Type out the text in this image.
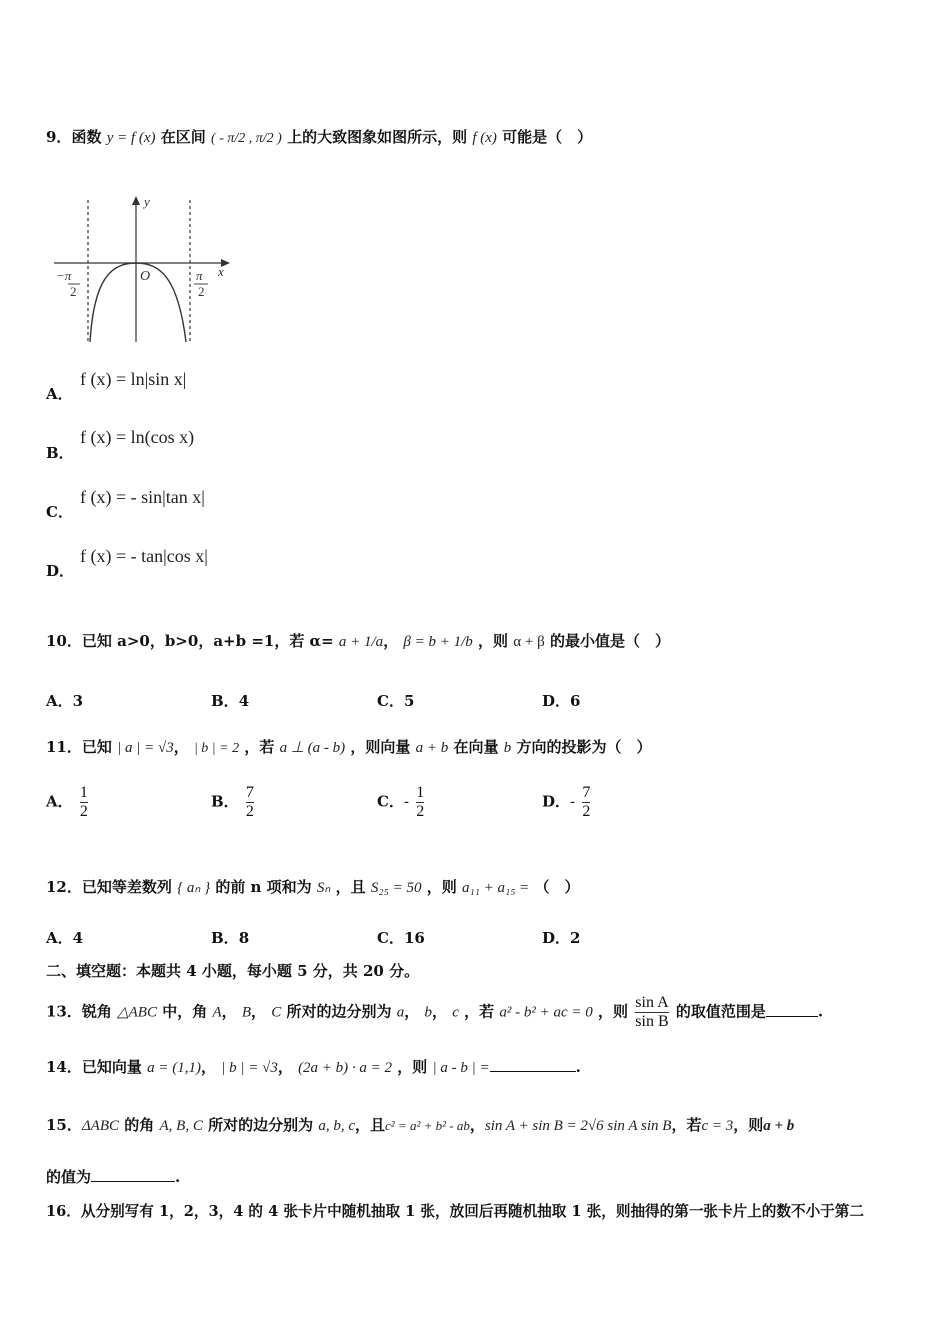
9．函数 y = f (x) 在区间 ( - π/2 , π/2 ) 上的大致图象如图所示，则 f (x) 可能是（　）
y
x
O
−π
2
π
2
A．
f (x) = ln|sin x|
B．
f (x) = ln(cos x)
C．
f (x) = - sin|tan x|
D．
f (x) = - tan|cos x|
10．已知 a>0，b>0，a+b =1，若 α= a + 1/a， β = b + 1/b ，则 α + β 的最小值是（　）
A．3	B．4	C．5	D．6
11．已知 | a | = √3， | b | = 2 ，若 a ⊥ (a - b) ，则向量 a + b 在向量 b 方向的投影为（　）
A． $\frac{1}{2}$	B． $\frac{7}{2}$	C．- $\frac{1}{2}$	D．- $\frac{7}{2}$
12．已知等差数列 { aₙ } 的前 n 项和为 Sₙ ，且 S₂₅ = 50 ，则 a₁₁ + a₁₅ = （　）
A．4	B．8	C．16	D．2
二、填空题：本题共 4 小题，每小题 5 分，共 20 分。
13．锐角 △ABC 中，角 A， B， C 所对的边分别为 a， b， c ，若 a² - b² + ac = 0 ，则 $\frac{\text{sin A}}{\text{sin B}}$ 的取值范围是	.
14．已知向量 a = (1,1)， | b | = √3， (2a + b) · a = 2 ，则 | a - b | =	.
15．ΔABC 的角 A, B, C 所对的边分别为 a, b, c，且c² = a² + b² - ab，sin A + sin B = 2√6 sin A sin B，若c = 3，则a + b
的值为	.
16．从分别写有 1，2，3，4 的 4 张卡片中随机抽取 1 张，放回后再随机抽取 1 张，则抽得的第一张卡片上的数不小于第二
